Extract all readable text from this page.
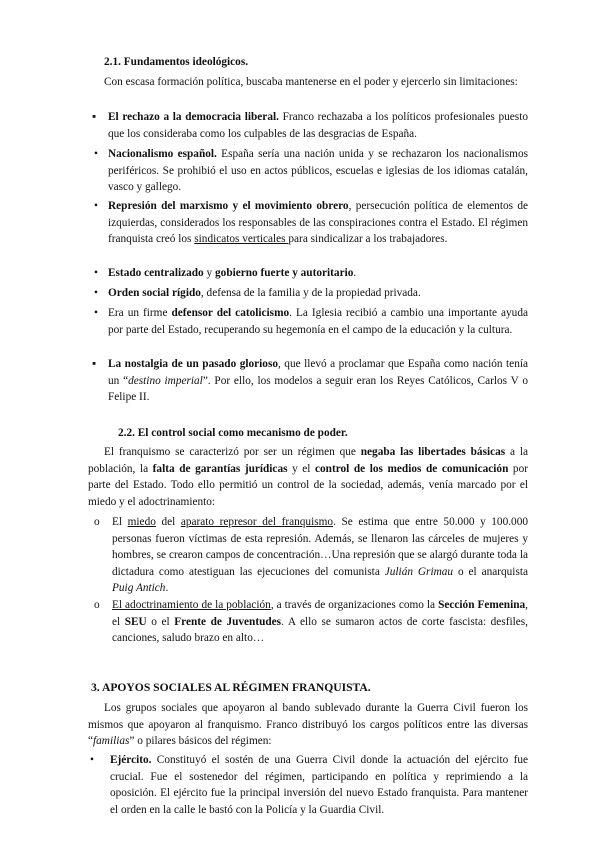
2.1. Fundamentos ideológicos.
Con escasa formación política, buscaba mantenerse en el poder y ejercerlo sin limitaciones:
▪	El rechazo a la democracia liberal. Franco rechazaba a los políticos profesionales puesto que los consideraba como los culpables de las desgracias de España.
• Nacionalismo español. España sería una nación unida y se rechazaron los nacionalismos periféricos. Se prohibió el uso en actos públicos, escuelas e iglesias de los idiomas catalán, vasco y gallego.
• Represión del marxismo y el movimiento obrero, persecución política de elementos de izquierdas, considerados los responsables de las conspiraciones contra el Estado. El régimen franquista creó los sindicatos verticales para sindicalizar a los trabajadores.
• Estado centralizado y gobierno fuerte y autoritario.
• Orden social rígido, defensa de la familia y de la propiedad privada.
• Era un firme defensor del catolicismo. La Iglesia recibió a cambio una importante ayuda por parte del Estado, recuperando su hegemonía en el campo de la educación y la cultura.
▪	La nostalgia de un pasado glorioso, que llevó a proclamar que España como nación tenía un “destino imperial”. Por ello, los modelos a seguir eran los Reyes Católicos, Carlos V o Felipe II.
2.2. El control social como mecanismo de poder.
El franquismo se caracterizó por ser un régimen que negaba las libertades básicas a la población, la falta de garantías jurídicas y el control de los medios de comunicación por parte del Estado. Todo ello permitió un control de la sociedad, además, venía marcado por el miedo y el adoctrinamiento:
o	El miedo del aparato represor del franquismo. Se estima que entre 50.000 y 100.000 personas fueron víctimas de esta represión. Además, se llenaron las cárceles de mujeres y hombres, se crearon campos de concentración…Una represión que se alargó durante toda la dictadura como atestiguan las ejecuciones del comunista Julián Grimau o el anarquista Puig Antich.
o	El adoctrinamiento de la población, a través de organizaciones como la Sección Femenina, el SEU o el Frente de Juventudes. A ello se sumaron actos de corte fascista: desfiles, canciones, saludo brazo en alto…
3. APOYOS SOCIALES AL RÉGIMEN FRANQUISTA.
Los grupos sociales que apoyaron al bando sublevado durante la Guerra Civil fueron los mismos que apoyaron al franquismo. Franco distribuyó los cargos políticos entre las diversas “familias” o pilares básicos del régimen:
•	Ejército. Constituyó el sostén de una Guerra Civil donde la actuación del ejército fue crucial. Fue el sostenedor del régimen, participando en política y reprimiendo a la oposición. El ejército fue la principal inversión del nuevo Estado franquista. Para mantener el orden en la calle le bastó con la Policía y la Guardia Civil.
